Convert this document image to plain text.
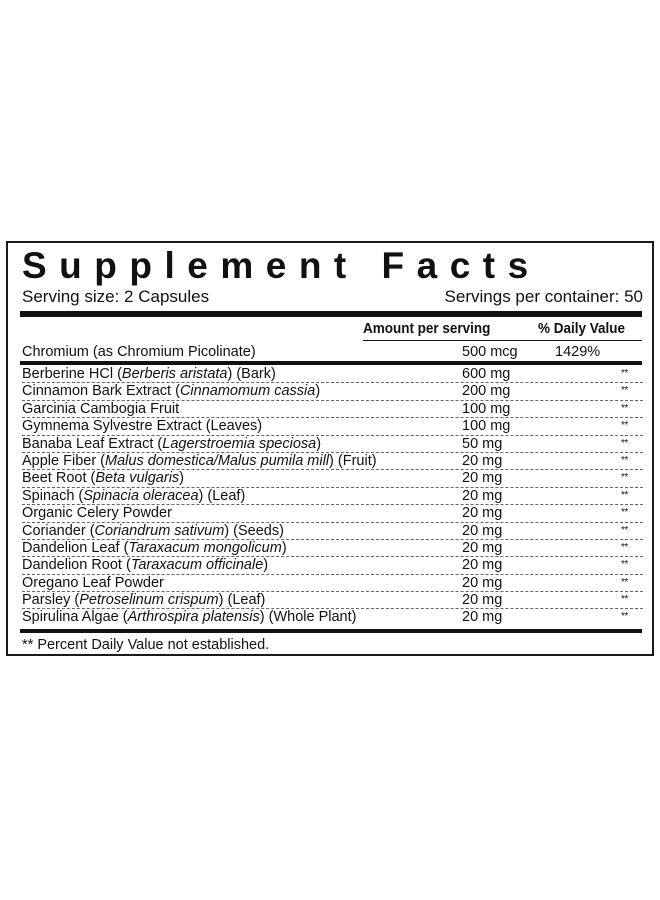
Supplement Facts
Serving size: 2 Capsules	Servings per container: 50
Amount per serving	% Daily Value
Chromium (as Chromium Picolinate)	500 mcg	1429%
Berberine HCl (Berberis aristata) (Bark)	600 mg	**
Cinnamon Bark Extract (Cinnamomum cassia)	200 mg	**
Garcinia Cambogia Fruit	100 mg	**
Gymnema Sylvestre Extract (Leaves)	100 mg	**
Banaba Leaf Extract (Lagerstroemia speciosa)	50 mg	**
Apple Fiber (Malus domestica/Malus pumila mill) (Fruit)	20 mg	**
Beet Root (Beta vulgaris)	20 mg	**
Spinach (Spinacia oleracea) (Leaf)	20 mg	**
Organic Celery Powder	20 mg	**
Coriander (Coriandrum sativum) (Seeds)	20 mg	**
Dandelion Leaf (Taraxacum mongolicum)	20 mg	**
Dandelion Root (Taraxacum officinale)	20 mg	**
Oregano Leaf Powder	20 mg	**
Parsley (Petroselinum crispum) (Leaf)	20 mg	**
Spirulina Algae (Arthrospira platensis) (Whole Plant)	20 mg	**
** Percent Daily Value not established.
